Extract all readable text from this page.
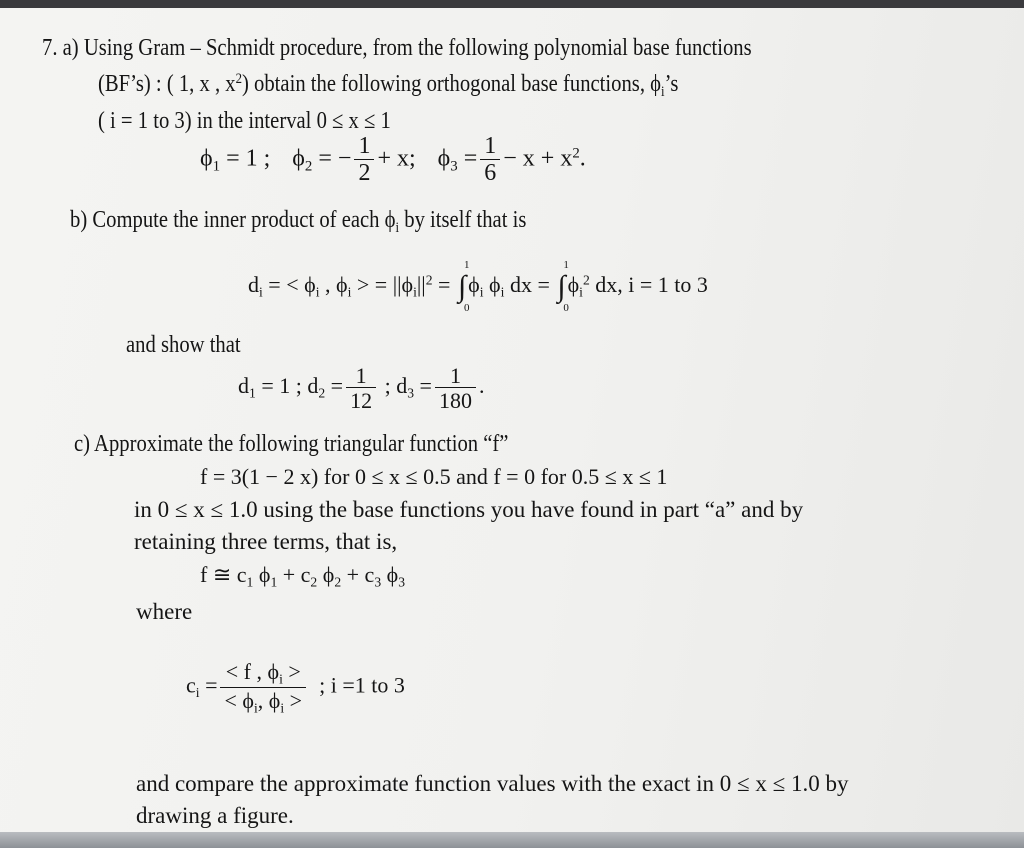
7. a) Using Gram – Schmidt procedure, from the following polynomial base functions
(BF’s) : ( 1, x , $x^2$) obtain the following orthogonal base functions, $\phi_i’s$
( i = 1 to 3) in the interval 0 ≤ x ≤ 1
$\phi_1 = 1$ ; $\phi_2$ = − $\frac{1}{2} + x$; $\phi_3 = \frac{1}{6} - x + x^2$.
b) Compute the inner product of each $\phi_i$ by itself that is
$d_i$ = < $\phi_i$ , $\phi_i$ > = $||\phi_i||^2$ = ∫
1
0
$\phi_i$ $\phi_i$ dx = ∫
1
0
$\phi_i^2$ dx, i = 1 to 3
and show that
$d_1 = 1$ ; $d_2 = \frac{1}{12}$ ; $d_3 = \frac{1}{180}$ .
c) Approximate the following triangular function “f”
f = 3(1 − 2 x) for 0 ≤ x ≤ 0.5 and f = 0 for 0.5 ≤ x ≤ 1
in 0 ≤ x ≤ 1.0 using the base functions you have found in part “a” and by
retaining three terms, that is,
f ≅ $c_1$ $\phi_1 + c_2$ $\phi_2 + c_3$ $\phi_3$
where
$c_i = \frac{< f , \phi_i >}{< \phi_i, \phi_i >}$ ; i =1 to 3
and compare the approximate function values with the exact in 0 ≤ x ≤ 1.0 by
drawing a figure.
